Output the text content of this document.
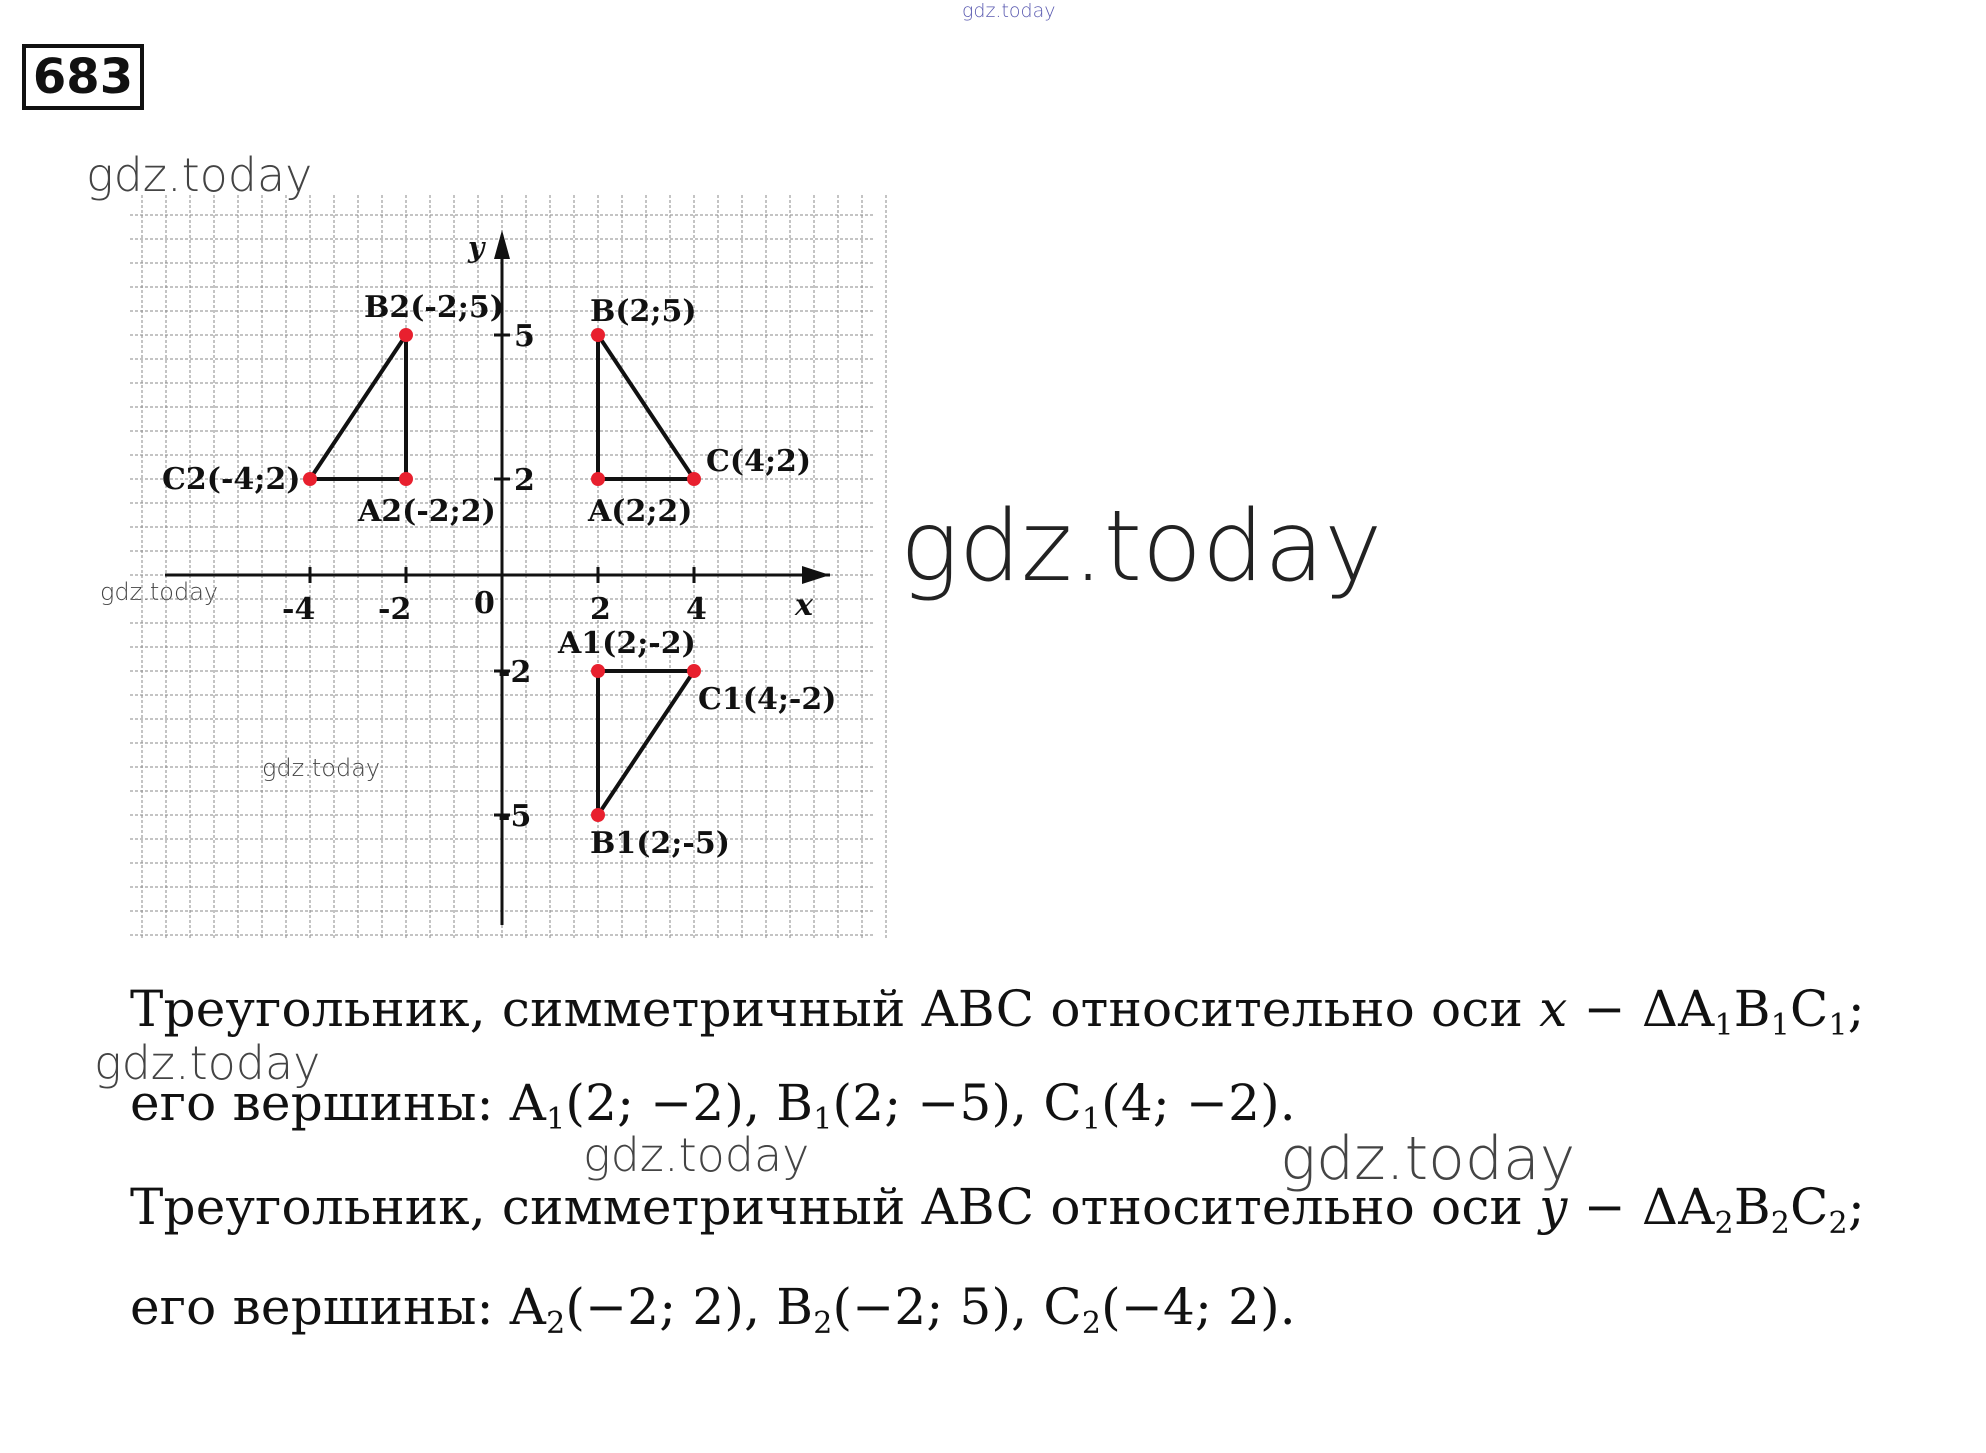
gdz.today
gdz.today
gdz.today
gdz.today
gdz.today
gdz.today
gdz.today	gdz.today
683
x
y
0
-4 -2	2	4
5
2
-2
-5
B(2;5)
C(4;2)
A(2;2)
B2(-2;5)
C2(-4;2)
A2(-2;2)
A1(2;-2)
C1(4;-2)
B1(2;-5)
Треугольник, симметричный ABC относительно оси $x - \Delta A_1B_1C_1$;
его вершины: $A_1(2$; −2), $B_1(2$; −5), $C_1(4$; −2).
Треугольник, симметричный ABC относительно оси $y - \Delta A_2B_2C_2$;
его вершины: $A_2(-2$; 2), $B_2(-2$; 5), $C_2(-4$; 2).
